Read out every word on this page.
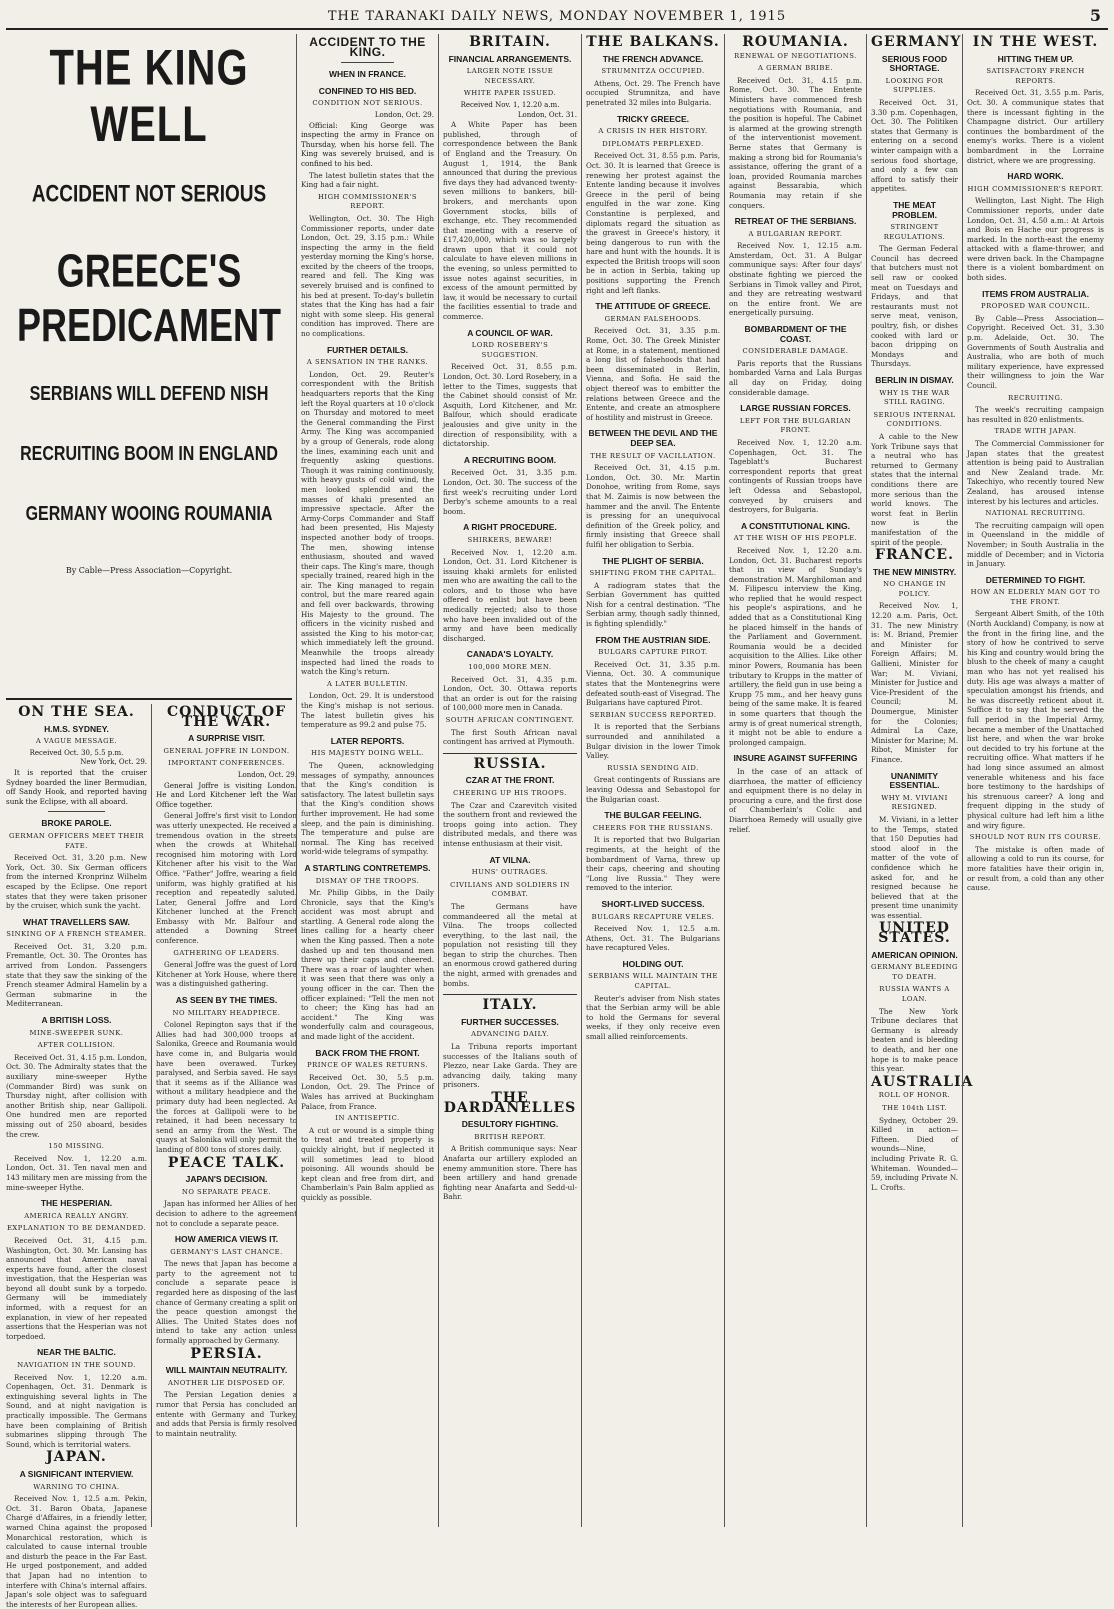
THE TARANAKI DAILY NEWS, MONDAY NOVEMBER 1, 1915	5
THE KING WELL
ACCIDENT NOT SERIOUS
GREECE'S PREDICAMENT
SERBIANS WILL DEFEND NISH
RECRUITING BOOM IN ENGLAND
GERMANY WOOING ROUMANIA
By Cable—Press Association—Copyright.
ON THE SEA.
H.M.S. SYDNEY.
A VAGUE MESSAGE.
Received Oct. 30, 5.5 p.m.
New York, Oct. 29.

It is reported that the cruiser Sydney boarded the liner Bermudian, off Sandy Hook, and reported having sunk the Eclipse, with all aboard.

BROKE PAROLE.
GERMAN OFFICERS MEET THEIR FATE.

Received Oct. 31, 3.20 p.m. New York, Oct. 30. Six German officers from the interned Kronprinz Wilhelm escaped by the Eclipse. One report states that they were taken prisoner by the cruiser, which sunk the yacht.

WHAT TRAVELLERS SAW.
SINKING OF A FRENCH STEAMER.

Received Oct. 31, 3.20 p.m. Fremantle, Oct. 30. The Orontes has arrived from London. Passengers state that they saw the sinking of the French steamer Admiral Hamelin by a German submarine in the Mediterranean.

A BRITISH LOSS.
MINE-SWEEPER SUNK.
AFTER COLLISION.

Received Oct. 31, 4.15 p.m. London, Oct. 30. The Admiralty states that the auxiliary mine-sweeper Hythe (Commander Bird) was sunk on Thursday night, after collision with another British ship, near Gallipoli. One hundred men are reported missing out of 250 aboard, besides the crew.

150 MISSING.

Received Nov. 1, 12.20 a.m. London, Oct. 31. Ten naval men and 143 military men are missing from the mine-sweeper Hythe.

THE HESPERIAN.
AMERICA REALLY ANGRY.
EXPLANATION TO BE DEMANDED.

Received Oct. 31, 4.15 p.m. Washington, Oct. 30. Mr. Lansing has announced that American naval experts have found, after the closest investigation, that the Hesperian was beyond all doubt sunk by a torpedo. Germany will be immediately informed, with a request for an explanation, in view of her repeated assertions that the Hesperian was not torpedoed.

NEAR THE BALTIC.
NAVIGATION IN THE SOUND.

Received Nov. 1, 12.20 a.m. Copenhagen, Oct. 31. Denmark is extinguishing several lights in The Sound, and at night navigation is practically impossible. The Germans have been complaining of British submarines slipping through The Sound, which is territorial waters.

JAPAN.
A SIGNIFICANT INTERVIEW.
WARNING TO CHINA.

Received Nov. 1, 12.5 a.m. Pekin, Oct. 31. Baron Obata, Japanese Chargé d'Affaires, in a friendly letter, warned China against the proposed Monarchical restoration, which is calculated to cause internal trouble and disturb the peace in the Far East. He urged postponement, and added that Japan had no intention to interfere with China's internal affairs. Japan's sole object was to safeguard the interests of her European allies.

CONDUCT OF THE WAR.
A SURPRISE VISIT.
GENERAL JOFFRE IN LONDON.
IMPORTANT CONFERENCES.
London, Oct. 29.

General Joffre is visiting London. He and Lord Kitchener left the War Office together.

General Joffre's first visit to London was utterly unexpected. He received a tremendous ovation in the streets when the crowds at Whitehall recognised him motoring with Lord Kitchener after his visit to the War Office. "Father" Joffre, wearing a field uniform, was highly gratified at his reception and repeatedly saluted. Later, General Joffre and Lord Kitchener lunched at the French Embassy with Mr. Balfour and attended a Downing Street conference.

GATHERING OF LEADERS.

General Joffre was the guest of Lord Kitchener at York House, where there was a distinguished gathering.

AS SEEN BY THE TIMES.
NO MILITARY HEADPIECE.

Colonel Repington says that if the Allies had had 300,000 troops at Salonika, Greece and Roumania would have come in, and Bulgaria would have been overawed. Turkey paralysed, and Serbia saved. He says that it seems as if the Alliance was without a military headpiece and the primary duty had been neglected. As the forces at Gallipoli were to be retained, it had been necessary to send an army from the West. The quays at Salonika will only permit the landing of 800 tons of stores daily.

PEACE TALK.
JAPAN'S DECISION.
NO SEPARATE PEACE.

Japan has informed her Allies of her decision to adhere to the agreement not to conclude a separate peace.

HOW AMERICA VIEWS IT.
GERMANY'S LAST CHANCE.

The news that Japan has become a party to the agreement not to conclude a separate peace is regarded here as disposing of the last chance of Germany creating a split on the peace question amongst the Allies. The United States does not intend to take any action unless formally approached by Germany.

PERSIA.
WILL MAINTAIN NEUTRALITY.
ANOTHER LIE DISPOSED OF.

The Persian Legation denies a rumor that Persia has concluded an entente with Germany and Turkey, and adds that Persia is firmly resolved to maintain neutrality.

ACCIDENT TO THE KING.
WHEN IN FRANCE.
CONFINED TO HIS BED.
CONDITION NOT SERIOUS.
London, Oct. 29.

Official: King George was inspecting the army in France on Thursday, when his horse fell. The King was severely bruised, and is confined to his bed.

The latest bulletin states that the King had a fair night.

HIGH COMMISSIONER'S REPORT.

Wellington, Oct. 30. The High Commissioner reports, under date London, Oct. 29, 3.15 p.m.: While inspecting the army in the field yesterday morning the King's horse, excited by the cheers of the troops, reared and fell. The King was severely bruised and is confined to his bed at present. To-day's bulletin states that the King has had a fair night with some sleep. His general condition has improved. There are no complications.

FURTHER DETAILS.
A SENSATION IN THE RANKS.

London, Oct. 29. Reuter's correspondent with the British headquarters reports that the King left the Royal quarters at 10 o'clock on Thursday and motored to meet the General commanding the First Army. The King was accompanied by a group of Generals, rode along the lines, examining each unit and frequently asking questions. Though it was raining continuously, with heavy gusts of cold wind, the men looked splendid and the masses of khaki presented an impressive spectacle. After the Army-Corps Commander and Staff had been presented, His Majesty inspected another body of troops. The men, showing intense enthusiasm, shouted and waved their caps. The King's mare, though specially trained, reared high in the air. The King managed to regain control, but the mare reared again and fell over backwards, throwing His Majesty to the ground. The officers in the vicinity rushed and assisted the King to his motor-car, which immediately left the ground. Meanwhile the troops already inspected had lined the roads to watch the King's return.

A LATER BULLETIN.

London, Oct. 29. It is understood the King's mishap is not serious. The latest bulletin gives his temperature as 99.2 and pulse 75.

LATER REPORTS.
HIS MAJESTY DOING WELL.

The Queen, acknowledging messages of sympathy, announces that the King's condition is satisfactory. The latest bulletin says that the King's condition shows further improvement. He had some sleep, and the pain is diminishing. The temperature and pulse are normal. The King has received world-wide telegrams of sympathy.

A STARTLING CONTRETEMPS.
DISMAY OF THE TROOPS.

Mr. Philip Gibbs, in the Daily Chronicle, says that the King's accident was most abrupt and startling. A General rode along the lines calling for a hearty cheer when the King passed. Then a note dashed up and ten thousand men threw up their caps and cheered. There was a roar of laughter when it was seen that there was only a young officer in the car. Then the officer explained: "Tell the men not to cheer; the King has had an accident." The King was wonderfully calm and courageous, and made light of the accident.

BACK FROM THE FRONT.
PRINCE OF WALES RETURNS.

Received Oct. 30, 5.5 p.m. London, Oct. 29. The Prince of Wales has arrived at Buckingham Palace, from France.

IN ANTISEPTIC.

A cut or wound is a simple thing to treat and treated properly is quickly alright, but if neglected it will sometimes lead to blood poisoning. All wounds should be kept clean and free from dirt, and Chamberlain's Pain Balm applied as quickly as possible.

BRITAIN.
FINANCIAL ARRANGEMENTS.
LARGER NOTE ISSUE NECESSARY.
WHITE PAPER ISSUED.
Received Nov. 1, 12.20 a.m.
London, Oct. 31.

A White Paper has been published, through of correspondence between the Bank of England and the Treasury. On August 1, 1914, the Bank announced that during the previous five days they had advanced twenty-seven millions to bankers, bill-brokers, and merchants upon Government stocks, bills of exchange, etc. They recommended that meeting with a reserve of £17,420,000, which was so largely drawn upon that it could not calculate to have eleven millions in the evening, so unless permitted to issue notes against securities, in excess of the amount permitted by law, it would be necessary to curtail the facilities essential to trade and commerce.

A COUNCIL OF WAR.
LORD ROSEBERY'S SUGGESTION.

Received Oct. 31, 8.55 p.m. London, Oct. 30. Lord Rosebery, in a letter to the Times, suggests that the Cabinet should consist of Mr. Asquith, Lord Kitchener, and Mr. Balfour, which should eradicate jealousies and give unity in the direction of responsibility, with a dictatorship.

A RECRUITING BOOM.

Received Oct. 31, 3.35 p.m. London, Oct. 30. The success of the first week's recruiting under Lord Derby's scheme amounts to a real boom.

A RIGHT PROCEDURE.
SHIRKERS, BEWARE!

Received Nov. 1, 12.20 a.m. London, Oct. 31. Lord Kitchener is issuing khaki armlets for enlisted men who are awaiting the call to the colors, and to those who have offered to enlist but have been medically rejected; also to those who have been invalided out of the army and have been medically discharged.

CANADA'S LOYALTY.
100,000 MORE MEN.

Received Oct. 31, 4.35 p.m. London, Oct. 30. Ottawa reports that an order is out for the raising of 100,000 more men in Canada.

SOUTH AFRICAN CONTINGENT.

The first South African naval contingent has arrived at Plymouth.

RUSSIA.
CZAR AT THE FRONT.
CHEERING UP HIS TROOPS.

The Czar and Czarevitch visited the southern front and reviewed the troops going into action. They distributed medals, and there was intense enthusiasm at their visit.

AT VILNA.
HUNS' OUTRAGES.
CIVILIANS AND SOLDIERS IN COMBAT.

The Germans have commandeered all the metal at Vilna. The troops collected everything, to the last nail, the population not resisting till they began to strip the churches. Then an enormous crowd gathered during the night, armed with grenades and bombs.

ITALY.
FURTHER SUCCESSES.
ADVANCING DAILY.

La Tribuna reports important successes of the Italians south of Plezzo, near Lake Garda. They are advancing daily, taking many prisoners.

THE DARDANELLES
DESULTORY FIGHTING.
BRITISH REPORT.

A British communique says: Near Anafarta our artillery exploded an enemy ammunition store. There has been artillery and hand grenade fighting near Anafarta and Sedd-ul-Bahr.

THE BALKANS.
THE FRENCH ADVANCE.
STRUMNITZA OCCUPIED.

Athens, Oct. 29. The French have occupied Strumnitza, and have penetrated 32 miles into Bulgaria.

TRICKY GREECE.
A CRISIS IN HER HISTORY.
DIPLOMATS PERPLEXED.

Received Oct. 31, 8.55 p.m. Paris, Oct. 30. It is learned that Greece is renewing her protest against the Entente landing because it involves Greece in the peril of being engulfed in the war zone. King Constantine is perplexed, and diplomats regard the situation as the gravest in Greece's history, it being dangerous to run with the hare and hunt with the hounds. It is expected the British troops will soon be in action in Serbia, taking up positions supporting the French right and left flanks.

THE ATTITUDE OF GREECE.
GERMAN FALSEHOODS.

Received Oct. 31, 3.35 p.m. Rome, Oct. 30. The Greek Minister at Rome, in a statement, mentioned a long list of falsehoods that had been disseminated in Berlin, Vienna, and Sofia. He said the object thereof was to embitter the relations between Greece and the Entente, and create an atmosphere of hostility and mistrust in Greece.

BETWEEN THE DEVIL AND THE DEEP SEA.
THE RESULT OF VACILLATION.

Received Oct. 31, 4.15 p.m. London, Oct. 30. Mr. Martin Donohoe, writing from Rome, says that M. Zaimis is now between the hammer and the anvil. The Entente is pressing for an unequivocal definition of the Greek policy, and firmly insisting that Greece shall fulfil her obligation to Serbia.

THE PLIGHT OF SERBIA.
SHIFTING FROM THE CAPITAL.

A radiogram states that the Serbian Government has quitted Nish for a central destination. "The Serbian army, though sadly thinned, is fighting splendidly."

FROM THE AUSTRIAN SIDE.
BULGARS CAPTURE PIROT.

Received Oct. 31, 3.35 p.m. Vienna, Oct. 30. A communique states that the Montenegrins were defeated south-east of Visegrad. The Bulgarians have captured Pirot.

SERBIAN SUCCESS REPORTED.

It is reported that the Serbians surrounded and annihilated a Bulgar division in the lower Timok Valley.

RUSSIA SENDING AID.

Great contingents of Russians are leaving Odessa and Sebastopol for the Bulgarian coast.

THE BULGAR FEELING.
CHEERS FOR THE RUSSIANS.

It is reported that two Bulgarian regiments, at the height of the bombardment of Varna, threw up their caps, cheering and shouting "Long live Russia." They were removed to the interior.

SHORT-LIVED SUCCESS.
BULGARS RECAPTURE VELES.

Received Nov. 1, 12.5 a.m. Athens, Oct. 31. The Bulgarians have recaptured Veles.

HOLDING OUT.
SERBIANS WILL MAINTAIN THE CAPITAL.

Reuter's adviser from Nish states that the Serbian army will be able to hold the Germans for several weeks, if they only receive even small allied reinforcements.

ROUMANIA.
RENEWAL OF NEGOTIATIONS.
A GERMAN BRIBE.

Received Oct. 31, 4.15 p.m. Rome, Oct. 30. The Entente Ministers have commenced fresh negotiations with Roumania, and the position is hopeful. The Cabinet is alarmed at the growing strength of the interventionist movement. Berne states that Germany is making a strong bid for Roumania's assistance, offering the grant of a loan, provided Roumania marches against Bessarabia, which Roumania may retain if she conquers.

RETREAT OF THE SERBIANS.
A BULGARIAN REPORT.

Received Nov. 1, 12.15 a.m. Amsterdam, Oct. 31. A Bulgar communique says: After four days' obstinate fighting we pierced the Serbians in Timok valley and Pirot, and they are retreating westward on the entire front. We are energetically pursuing.

BOMBARDMENT OF THE COAST.
CONSIDERABLE DAMAGE.

Paris reports that the Russians bombarded Varna and Lala Burgas all day on Friday, doing considerable damage.

LARGE RUSSIAN FORCES.
LEFT FOR THE BULGARIAN FRONT.

Received Nov. 1, 12.20 a.m. Copenhagen, Oct. 31. The Tageblatt's Bucharest correspondent reports that great contingents of Russian troops have left Odessa and Sebastopol, conveyed by cruisers and destroyers, for Bulgaria.

A CONSTITUTIONAL KING.
AT THE WISH OF HIS PEOPLE.

Received Nov. 1, 12.20 a.m. London, Oct. 31. Bucharest reports that in view of Sunday's demonstration M. Marghiloman and M. Filipescu interview the King, who replied that he would respect his people's aspirations, and he added that as a Constitutional King he placed himself in the hands of the Parliament and Government. Roumania would be a decided acquisition to the Allies. Like other minor Powers, Roumania has been tributary to Krupps in the matter of artillery, the field gun in use being a Krupp 75 mm., and her heavy guns being of the same make. It is feared in some quarters that though the army is of great numerical strength, it might not be able to endure a prolonged campaign.

INSURE AGAINST SUFFERING

In the case of an attack of diarrhoea, the matter of efficiency and equipment there is no delay in procuring a cure, and the first dose of Chamberlain's Colic and Diarrhoea Remedy will usually give relief.

GERMANY
SERIOUS FOOD SHORTAGE.
LOOKING FOR SUPPLIES.

Received Oct. 31, 3.30 p.m. Copenhagen, Oct. 30. The Politiken states that Germany is entering on a second winter campaign with a serious food shortage, and only a few can afford to satisfy their appetites.

THE MEAT PROBLEM.
STRINGENT REGULATIONS.

The German Federal Council has decreed that butchers must not sell raw or cooked meat on Tuesdays and Fridays, and that restaurants must not serve meat, venison, poultry, fish, or dishes cooked with lard or bacon dripping on Mondays and Thursdays.

BERLIN IN DISMAY.
WHY IS THE WAR STILL RAGING.
SERIOUS INTERNAL CONDITIONS.

A cable to the New York Tribune says that a neutral who has returned to Germany states that the internal conditions there are more serious than the world knows. The worst feat in Berlin now is the manifestation of the spirit of the people.

FRANCE.
THE NEW MINISTRY.
NO CHANGE IN POLICY.

Received Nov. 1, 12.20 a.m. Paris, Oct. 31. The new Ministry is: M. Briand, Premier and Minister for Foreign Affairs; M. Gallieni, Minister for War; M. Viviani, Minister for Justice and Vice-President of the Council; M. Doumergue, Minister for the Colonies; Admiral La Caze, Minister for Marine; M. Ribot, Minister for Finance.

UNANIMITY ESSENTIAL.
WHY M. VIVIANI RESIGNED.

M. Viviani, in a letter to the Temps, stated that 150 Deputies had stood aloof in the matter of the vote of confidence which he asked for, and he resigned because he believed that at the present time unanimity was essential.

UNITED STATES.
AMERICAN OPINION.
GERMANY BLEEDING TO DEATH.
RUSSIA WANTS A LOAN.

The New York Tribune declares that Germany is already beaten and is bleeding to death, and her one hope is to make peace this year.

AUSTRALIA
ROLL OF HONOR.
THE 104th LIST.

Sydney, October 29. Killed in action—Fifteen. Died of wounds—Nine, including Private R. G. Whiteman. Wounded—59, including Private N. L. Crofts.

IN THE WEST.
HITTING THEM UP.
SATISFACTORY FRENCH REPORTS.

Received Oct. 31, 3.55 p.m. Paris, Oct. 30. A communique states that there is incessant fighting in the Champagne district. Our artillery continues the bombardment of the enemy's works. There is a violent bombardment in the Lorraine district, where we are progressing.

HARD WORK.
HIGH COMMISSIONER'S REPORT.

Wellington, Last Night. The High Commissioner reports, under date London, Oct. 31, 4.50 a.m.: At Artois and Bois en Hache our progress is marked. In the north-east the enemy attacked with a flame-thrower, and were driven back. In the Champagne there is a violent bombardment on both sides.

ITEMS FROM AUSTRALIA.
PROPOSED WAR COUNCIL.

By Cable—Press Association—Copyright. Received Oct. 31, 3.30 p.m. Adelaide, Oct. 30. The Governments of South Australia and Australia, who are both of much military experience, have expressed their willingness to join the War Council.

RECRUITING.

The week's recruiting campaign has resulted in 820 enlistments.

TRADE WITH JAPAN.

The Commercial Commissioner for Japan states that the greatest attention is being paid to Australian and New Zealand trade. Mr. Takechiyo, who recently toured New Zealand, has aroused intense interest by his lectures and articles.

NATIONAL RECRUITING.

The recruiting campaign will open in Queensland in the middle of November; in South Australia in the middle of December; and in Victoria in January.

DETERMINED TO FIGHT.
HOW AN ELDERLY MAN GOT TO THE FRONT.

Sergeant Albert Smith, of the 10th (North Auckland) Company, is now at the front in the firing line, and the story of how he contrived to serve his King and country would bring the blush to the cheek of many a caught man who has not yet realised his duty. His age was always a matter of speculation amongst his friends, and he was discreetly reticent about it. Suffice it to say that he served the full period in the Imperial Army, became a member of the Unattached list here, and when the war broke out decided to try his fortune at the recruiting office. What matters if he had long since assumed an almost venerable whiteness and his face bore testimony to the hardships of his strenuous career? A long and frequent dipping in the study of physical culture had left him a lithe and wiry figure.

SHOULD NOT RUN ITS COURSE.

The mistake is often made of allowing a cold to run its course, for more fatalities have their origin in, or result from, a cold than any other cause.
